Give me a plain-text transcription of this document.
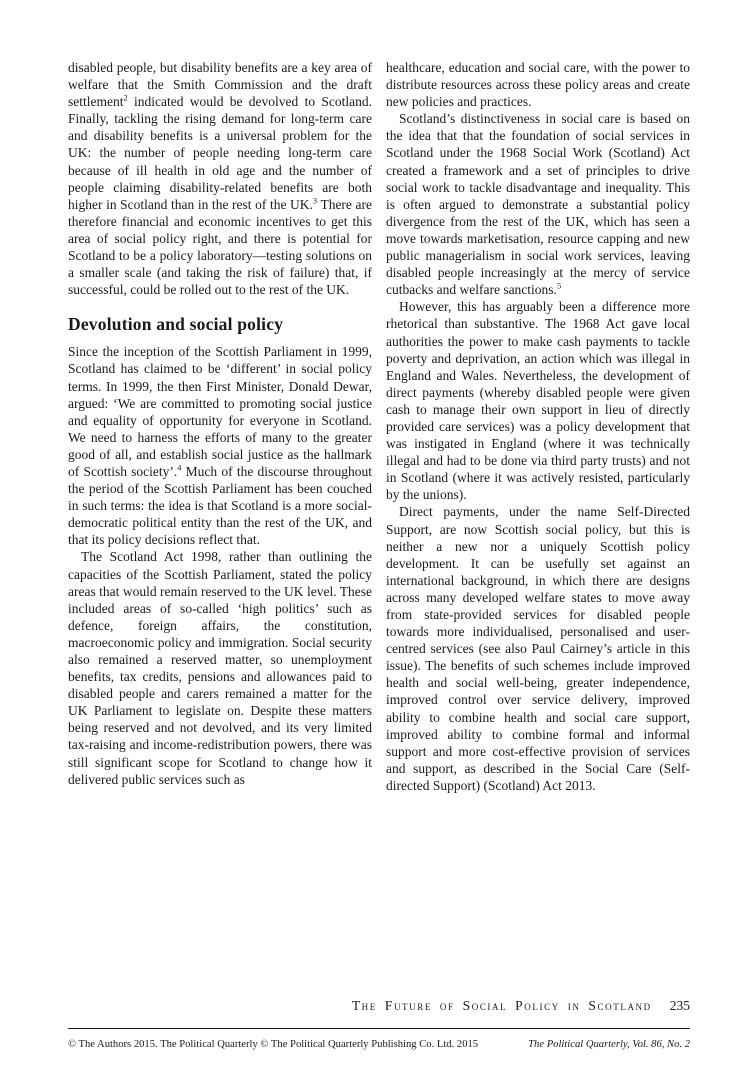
disabled people, but disability benefits are a key area of welfare that the Smith Commission and the draft settlement$^2$ indicated would be devolved to Scotland. Finally, tackling the rising demand for long-term care and disability benefits is a universal problem for the UK: the number of people needing long-term care because of ill health in old age and the number of people claiming disability-related benefits are both higher in Scotland than in the rest of the UK.$^3$ There are therefore financial and economic incentives to get this area of social policy right, and there is potential for Scotland to be a policy laboratory—testing solutions on a smaller scale (and taking the risk of failure) that, if successful, could be rolled out to the rest of the UK.

Devolution and social policy

Since the inception of the Scottish Parliament in 1999, Scotland has claimed to be ‘different’ in social policy terms. In 1999, the then First Minister, Donald Dewar, argued: ‘We are committed to promoting social justice and equality of opportunity for everyone in Scotland. We need to harness the efforts of many to the greater good of all, and establish social justice as the hallmark of Scottish society’.$^4$ Much of the discourse throughout the period of the Scottish Parliament has been couched in such terms: the idea is that Scotland is a more social-democratic political entity than the rest of the UK, and that its policy decisions reflect that.

The Scotland Act 1998, rather than outlining the capacities of the Scottish Parliament, stated the policy areas that would remain reserved to the UK level. These included areas of so-called ‘high politics’ such as defence, foreign affairs, the constitution, macroeconomic policy and immigration. Social security also remained a reserved matter, so unemployment benefits, tax credits, pensions and allowances paid to disabled people and carers remained a matter for the UK Parliament to legislate on. Despite these matters being reserved and not devolved, and its very limited tax-raising and income-redistribution powers, there was still significant scope for Scotland to change how it delivered public services such as

healthcare, education and social care, with the power to distribute resources across these policy areas and create new policies and practices.

Scotland’s distinctiveness in social care is based on the idea that that the foundation of social services in Scotland under the 1968 Social Work (Scotland) Act created a framework and a set of principles to drive social work to tackle disadvantage and inequality. This is often argued to demonstrate a substantial policy divergence from the rest of the UK, which has seen a move towards marketisation, resource capping and new public managerialism in social work services, leaving disabled people increasingly at the mercy of service cutbacks and welfare sanctions.$^5$

However, this has arguably been a difference more rhetorical than substantive. The 1968 Act gave local authorities the power to make cash payments to tackle poverty and deprivation, an action which was illegal in England and Wales. Nevertheless, the development of direct payments (whereby disabled people were given cash to manage their own support in lieu of directly provided care services) was a policy development that was instigated in England (where it was technically illegal and had to be done via third party trusts) and not in Scotland (where it was actively resisted, particularly by the unions).

Direct payments, under the name Self-Directed Support, are now Scottish social policy, but this is neither a new nor a uniquely Scottish policy development. It can be usefully set against an international background, in which there are designs across many developed welfare states to move away from state-provided services for disabled people towards more individualised, personalised and user-centred services (see also Paul Cairney’s article in this issue). The benefits of such schemes include improved health and social well-being, greater independence, improved control over service delivery, improved ability to combine health and social care support, improved ability to combine formal and informal support and more cost-effective provision of services and support, as described in the Social Care (Self-directed Support) (Scotland) Act 2013.

The Future of Social Policy in Scotland 235
© The Authors 2015. The Political Quarterly © The Political Quarterly Publishing Co. Ltd. 2015	The Political Quarterly, Vol. 86, No. 2
